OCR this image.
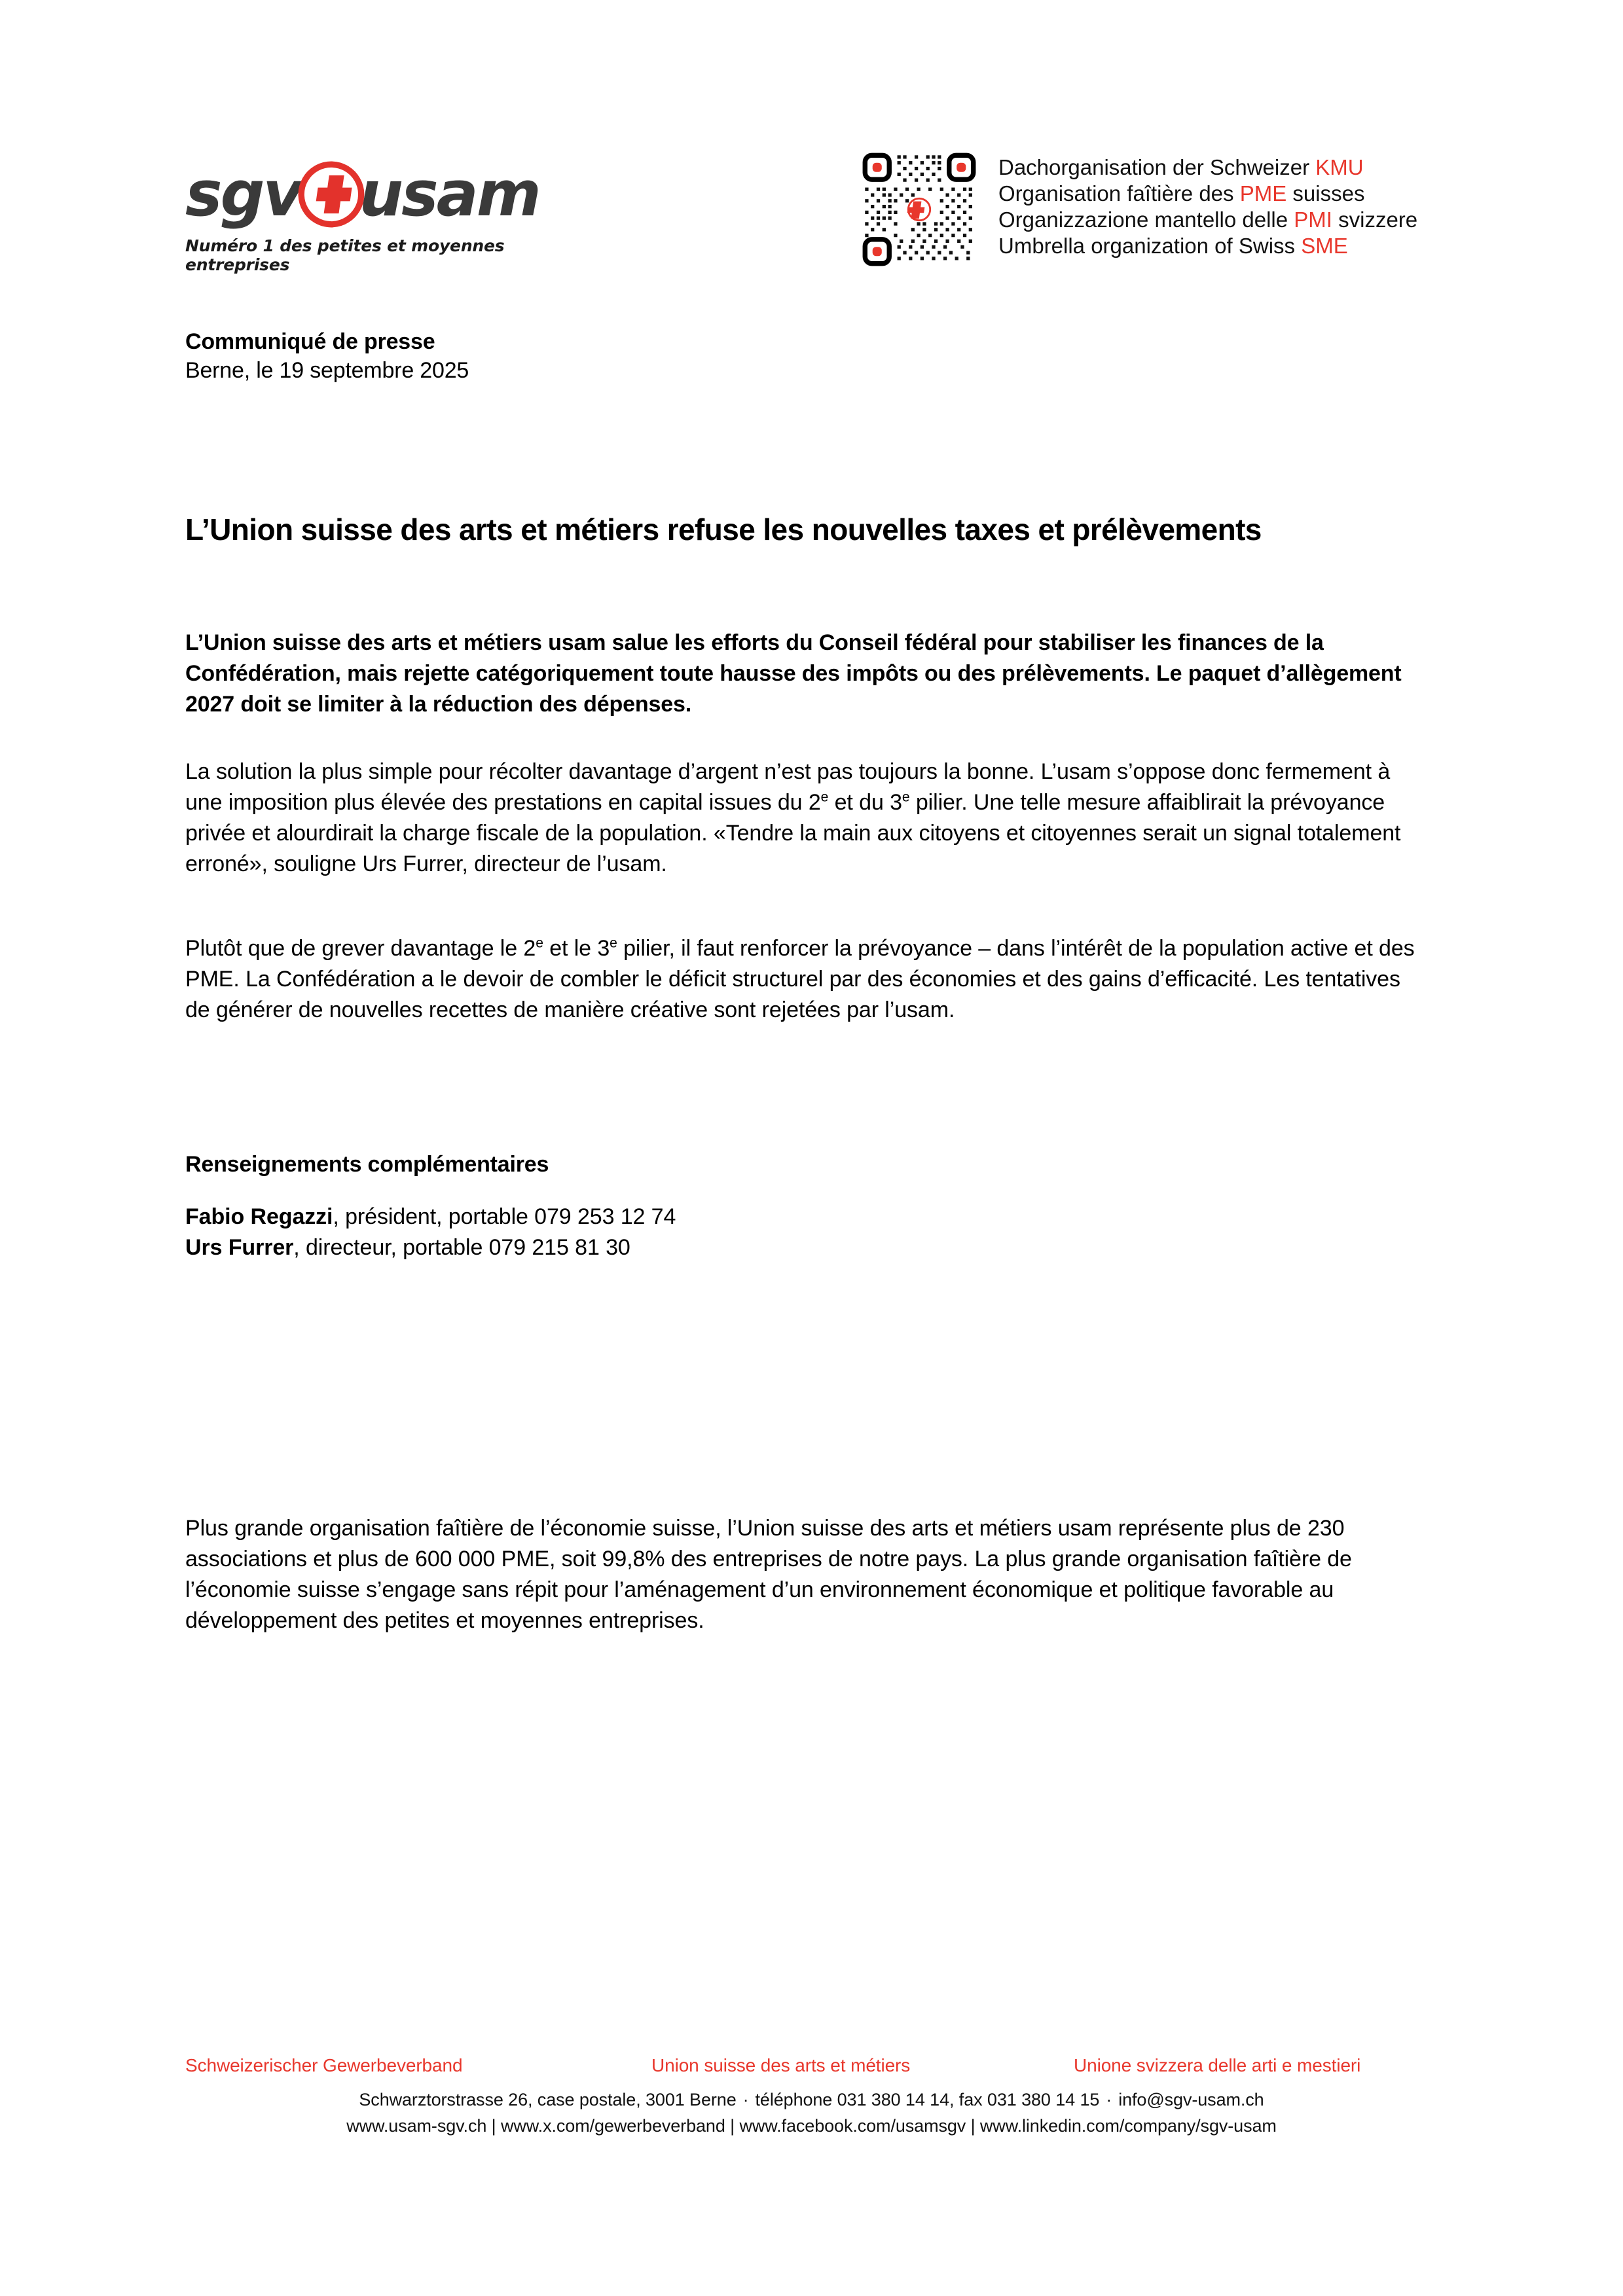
sgv usam
Numéro 1 des petites et moyennes entreprises
Dachorganisation der Schweizer KMU
Organisation faîtière des PME suisses
Organizzazione mantello delle PMI svizzere
Umbrella organization of Swiss SME
Communiqué de presse
Berne, le 19 septembre 2025
L’Union suisse des arts et métiers refuse les nouvelles taxes et prélèvements

L’Union suisse des arts et métiers usam salue les efforts du Conseil fédéral pour stabiliser les finances de la Confédération, mais rejette catégoriquement toute hausse des impôts ou des prélèvements. Le paquet d’allègement 2027 doit se limiter à la réduction des dépenses.

La solution la plus simple pour récolter davantage d’argent n’est pas toujours la bonne. L’usam s’oppose donc fermement à une imposition plus élevée des prestations en capital issues du 2e et du 3e pilier. Une telle mesure affaiblirait la prévoyance privée et alourdirait la charge fiscale de la population. «Tendre la main aux citoyens et citoyennes serait un signal totalement erroné», souligne Urs Furrer, directeur de l’usam.

Plutôt que de grever davantage le 2e et le 3e pilier, il faut renforcer la prévoyance – dans l’intérêt de la population active et des PME. La Confédération a le devoir de combler le déficit structurel par des économies et des gains d’efficacité. Les tentatives de générer de nouvelles recettes de manière créative sont rejetées par l’usam.

Renseignements complémentaires
Fabio Regazzi, président, portable 079 253 12 74
Urs Furrer, directeur, portable 079 215 81 30

Plus grande organisation faîtière de l’économie suisse, l’Union suisse des arts et métiers usam représente plus de 230 associations et plus de 600 000 PME, soit 99,8% des entreprises de notre pays. La plus grande organisation faîtière de l’économie suisse s’engage sans répit pour l’aménagement d’un environnement économique et politique favorable au développement des petites et moyennes entreprises.

Schweizerischer Gewerbeverband	Union suisse des arts et métiers	Unione svizzera delle arti e mestieri
Schwarztorstrasse 26, case postale, 3001 Berne · téléphone 031 380 14 14, fax 031 380 14 15 · info@sgv-usam.ch
www.usam-sgv.ch | www.x.com/gewerbeverband | www.facebook.com/usamsgv | www.linkedin.com/company/sgv-usam
